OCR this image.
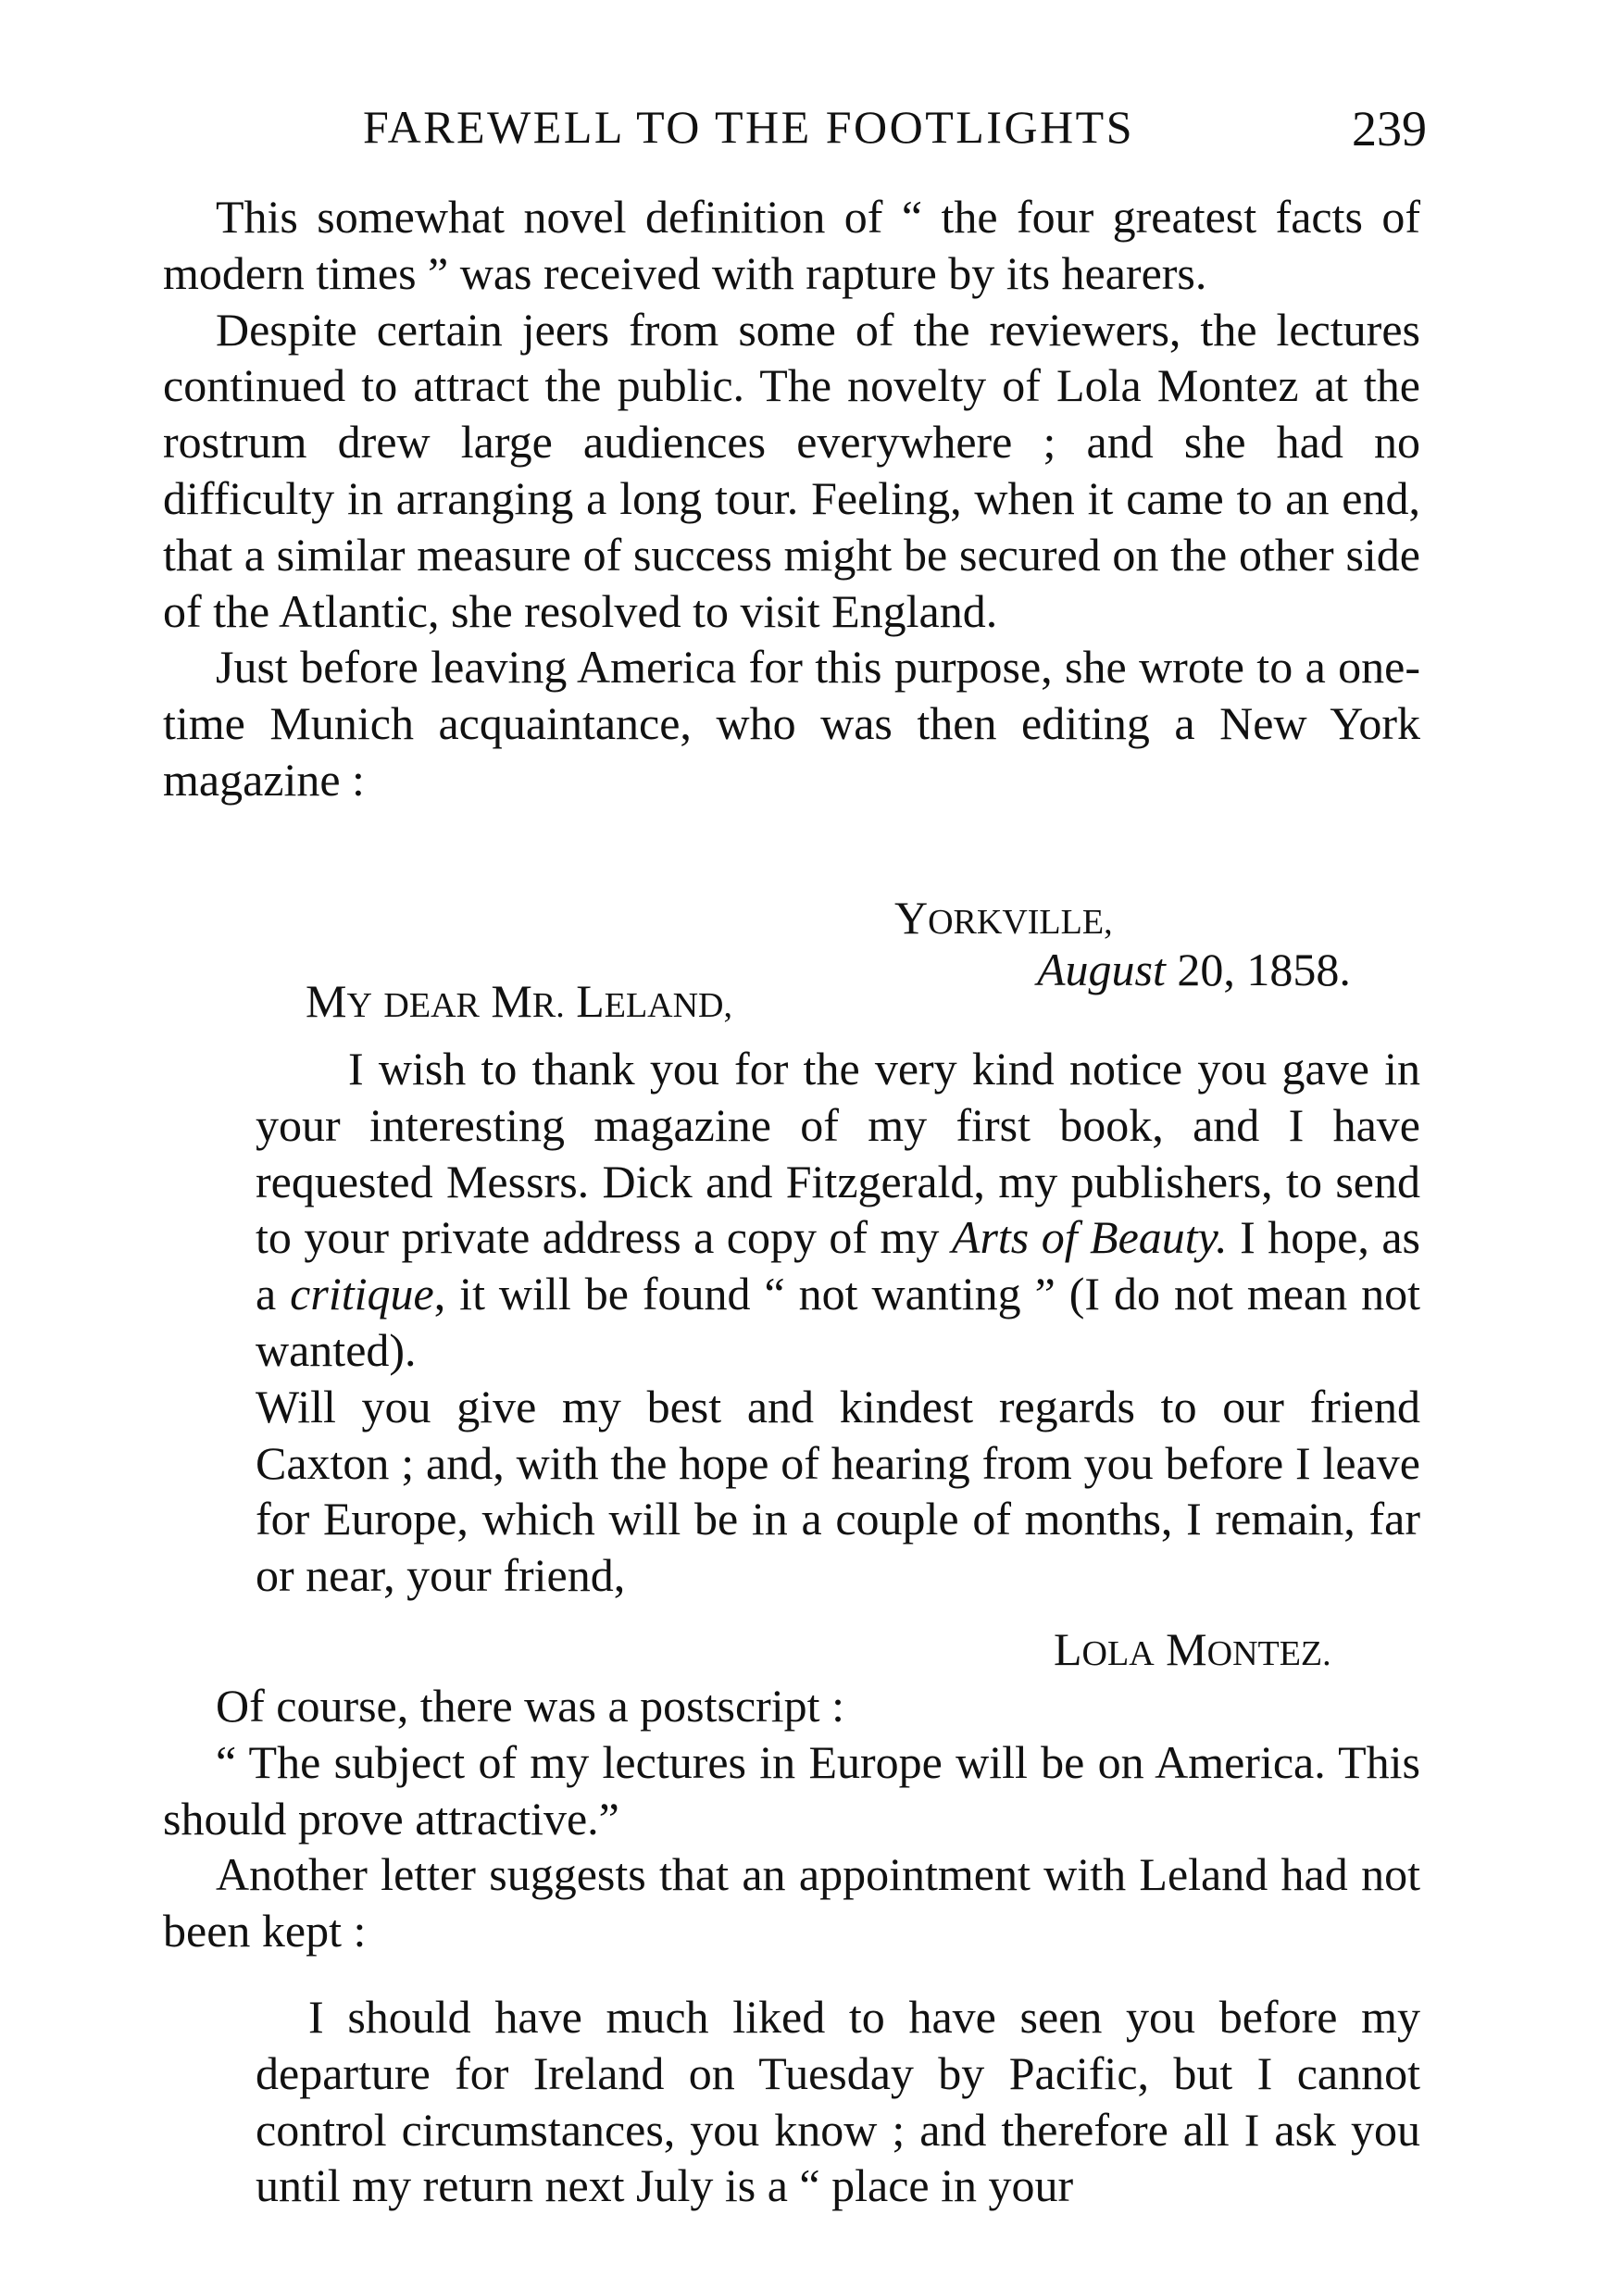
FAREWELL TO THE FOOTLIGHTS	239

This somewhat novel definition of “ the four greatest facts of modern times ” was received with rapture by its hearers.

Despite certain jeers from some of the reviewers, the lectures continued to attract the public. The novelty of Lola Montez at the rostrum drew large audiences everywhere ; and she had no difficulty in arranging a long tour. Feeling, when it came to an end, that a similar measure of success might be secured on the other side of the Atlantic, she resolved to visit England.

Just before leaving America for this purpose, she wrote to a one-time Munich acquaintance, who was then editing a New York magazine :

YORKVILLE,
August 20, 1858.
MY DEAR MR. LELAND,

I wish to thank you for the very kind notice you gave in your interesting magazine of my first book, and I have requested Messrs. Dick and Fitzgerald, my publishers, to send to your private address a copy of my Arts of Beauty. I hope, as a critique, it will be found “ not wanting ” (I do not mean not wanted).

Will you give my best and kindest regards to our friend Caxton ; and, with the hope of hearing from you before I leave for Europe, which will be in a couple of months, I remain, far or near, your friend,

LOLA MONTEZ.

Of course, there was a postscript :

“ The subject of my lectures in Europe will be on America. This should prove attractive.”

Another letter suggests that an appointment with Leland had not been kept :

I should have much liked to have seen you before my departure for Ireland on Tuesday by Pacific, but I cannot control circumstances, you know ; and therefore all I ask you until my return next July is a “ place in your
